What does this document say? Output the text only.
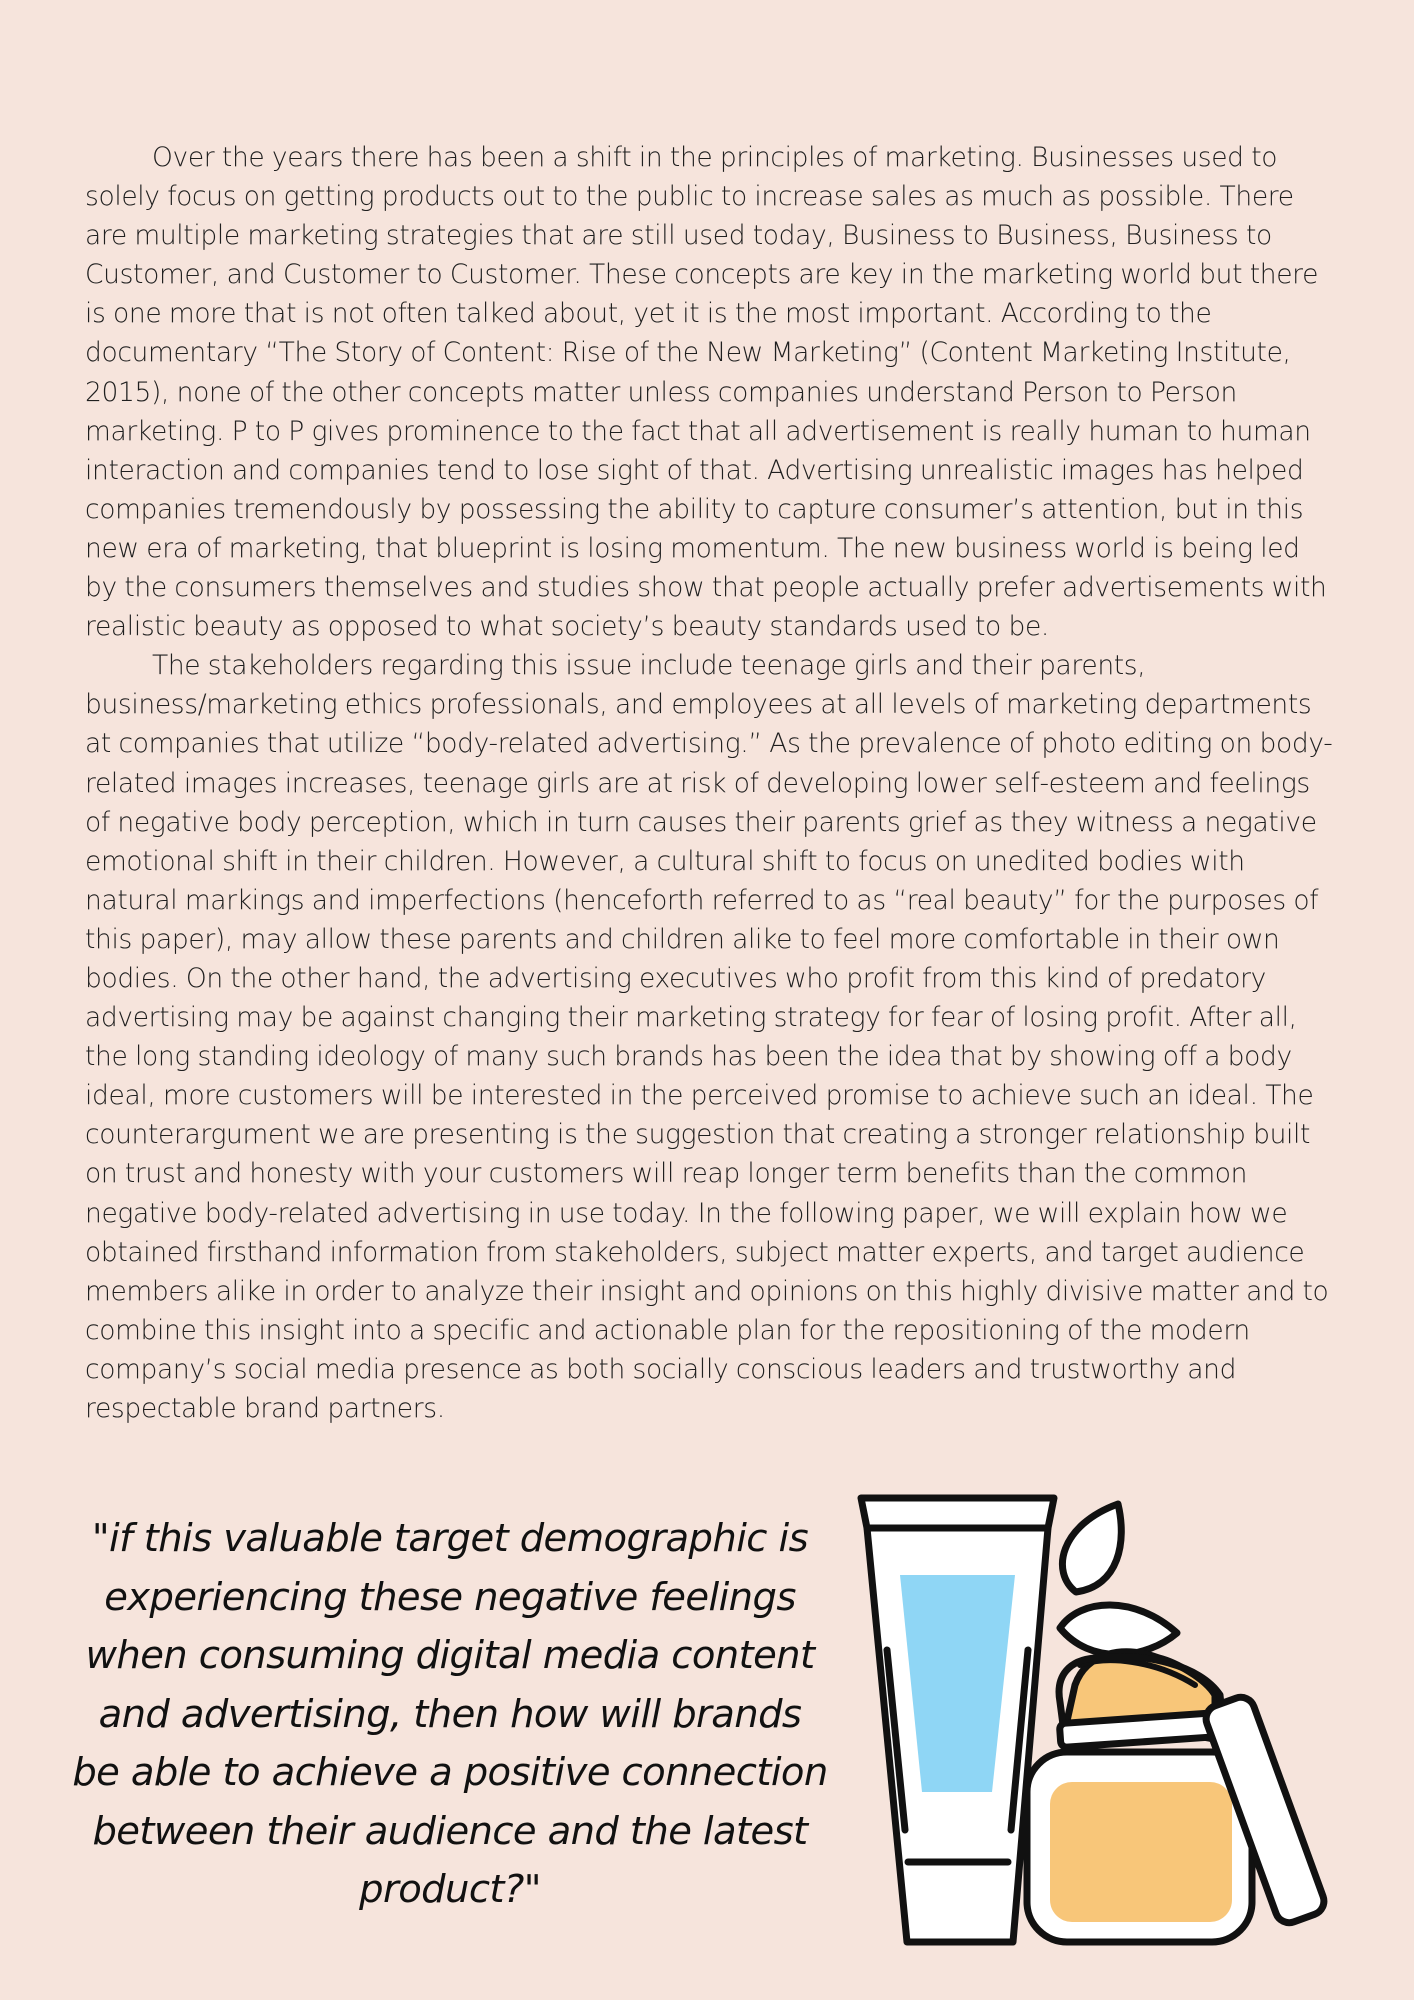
Over the years there has been a shift in the principles of marketing. Businesses used to solely focus on getting products out to the public to increase sales as much as possible. There are multiple marketing strategies that are still used today, Business to Business, Business to Customer, and Customer to Customer. These concepts are key in the marketing world but there is one more that is not often talked about, yet it is the most important. According to the documentary “The Story of Content: Rise of the New Marketing” (Content Marketing Institute, 2015), none of the other concepts matter unless companies understand Person to Person marketing. P to P gives prominence to the fact that all advertisement is really human to human interaction and companies tend to lose sight of that. Advertising unrealistic images has helped companies tremendously by possessing the ability to capture consumer’s attention, but in this new era of marketing, that blueprint is losing momentum. The new business world is being led by the consumers themselves and studies show that people actually prefer advertisements with realistic beauty as opposed to what society’s beauty standards used to be.

The stakeholders regarding this issue include teenage girls and their parents, business/marketing ethics professionals, and employees at all levels of marketing departments at companies that utilize “body-related advertising.” As the prevalence of photo editing on body-related images increases, teenage girls are at risk of developing lower self-esteem and feelings of negative body perception, which in turn causes their parents grief as they witness a negative emotional shift in their children. However, a cultural shift to focus on unedited bodies with natural markings and imperfections (henceforth referred to as “real beauty” for the purposes of this paper), may allow these parents and children alike to feel more comfortable in their own bodies. On the other hand, the advertising executives who profit from this kind of predatory advertising may be against changing their marketing strategy for fear of losing profit. After all, the long standing ideology of many such brands has been the idea that by showing off a body ideal, more customers will be interested in the perceived promise to achieve such an ideal. The counterargument we are presenting is the suggestion that creating a stronger relationship built on trust and honesty with your customers will reap longer term benefits than the common negative body-related advertising in use today. In the following paper, we will explain how we obtained firsthand information from stakeholders, subject matter experts, and target audience members alike in order to analyze their insight and opinions on this highly divisive matter and to combine this insight into a specific and actionable plan for the repositioning of the modern company’s social media presence as both socially conscious leaders and trustworthy and respectable brand partners.

"if this valuable target demographic is experiencing these negative feelings when consuming digital media content and advertising, then how will brands be able to achieve a positive connection between their audience and the latest product?"
